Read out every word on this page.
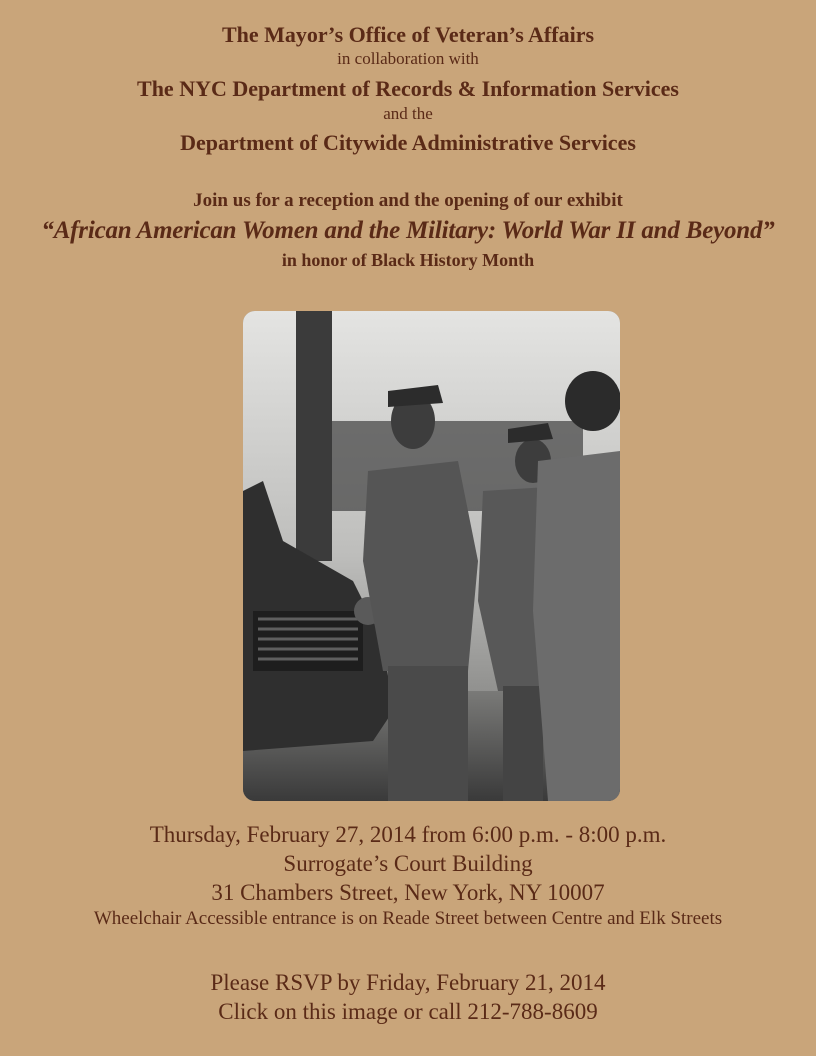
The Mayor’s Office of Veteran’s Affairs
in collaboration with
The NYC Department of Records & Information Services
and the
Department of Citywide Administrative Services
Join us for a reception and the opening of our exhibit
“African American Women and the Military: World War II and Beyond”
in honor of Black History Month
Thursday, February 27, 2014 from 6:00 p.m. - 8:00 p.m.
Surrogate’s Court Building
31 Chambers Street, New York, NY 10007
Wheelchair Accessible entrance is on Reade Street between Centre and Elk Streets
Please RSVP by Friday, February 21, 2014
Click on this image or call 212-788-8609
